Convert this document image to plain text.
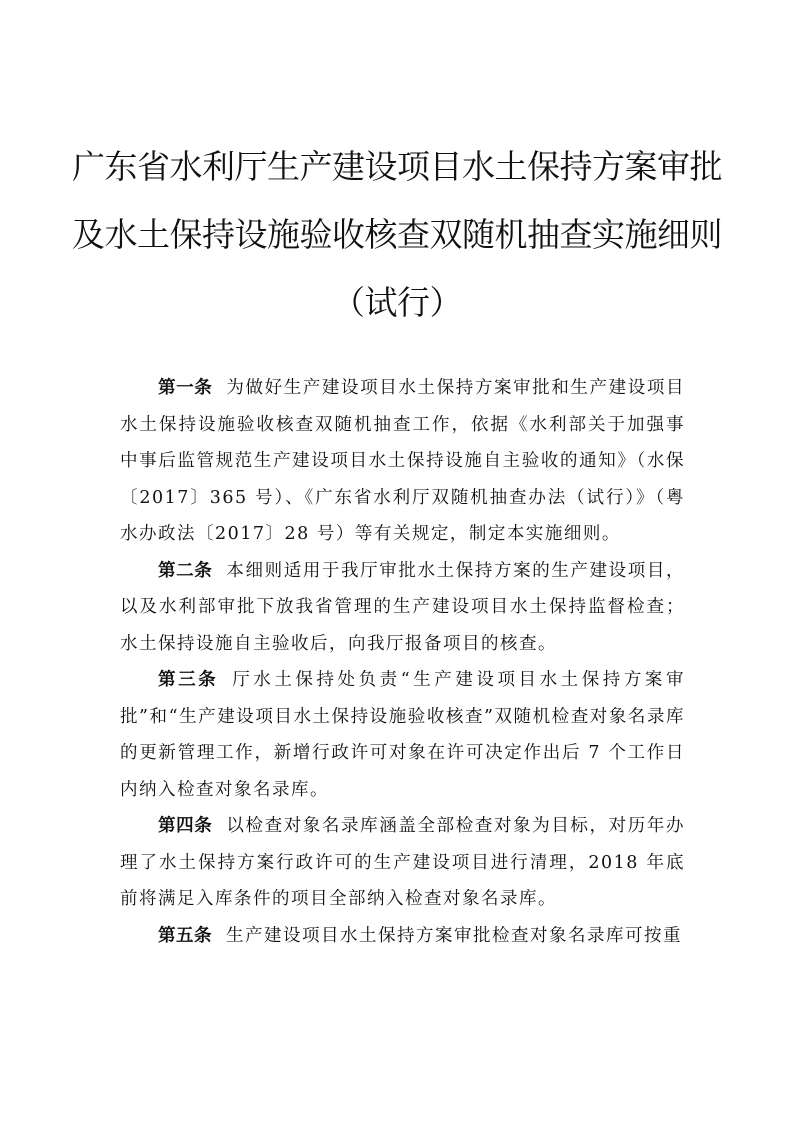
广东省水利厅生产建设项目水土保持方案审批

及水土保持设施验收核查双随机抽查实施细则

（试行）

第一条 为做好生产建设项目水土保持方案审批和生产建设项目水土保持设施验收核查双随机抽查工作，依据《水利部关于加强事中事后监管规范生产建设项目水土保持设施自主验收的通知》（水保〔2017〕365 号）、《广东省水利厅双随机抽查办法（试行）》（粤水办政法〔2017〕28 号）等有关规定，制定本实施细则。

第二条 本细则适用于我厅审批水土保持方案的生产建设项目，以及水利部审批下放我省管理的生产建设项目水土保持监督检查；水土保持设施自主验收后，向我厅报备项目的核查。

第三条 厅水土保持处负责“生产建设项目水土保持方案审批”和“生产建设项目水土保持设施验收核查”双随机检查对象名录库的更新管理工作，新增行政许可对象在许可决定作出后 7 个工作日内纳入检查对象名录库。

第四条 以检查对象名录库涵盖全部检查对象为目标，对历年办理了水土保持方案行政许可的生产建设项目进行清理，2018 年底前将满足入库条件的项目全部纳入检查对象名录库。

第五条 生产建设项目水土保持方案审批检查对象名录库可按重
